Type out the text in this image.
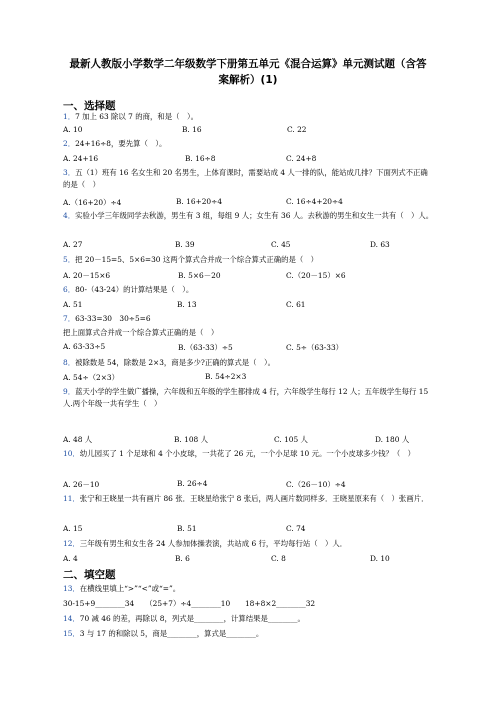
最新人教版小学数学二年级数学下册第五单元《混合运算》单元测试题（含答
案解析）(1)
一、选择题
1．7 加上 63 除以 7 的商，和是（　）。
A. 10	B. 16	C. 22
2．24+16÷8，要先算（　）。
A. 24+16	B. 16÷8	C. 24+8
3．五（1）班有 16 名女生和 20 名男生，上体育课时，需要站成 4 人一排的队，能站成几排？下面列式不正确的是（　）
A.（16+20）÷4	B. 16+20÷4	C. 16÷4+20÷4
4．实验小学三年级同学去秋游，男生有 3 组，每组 9 人；女生有 36 人。去秋游的男生和女生一共有（　）人。
A. 27	B. 39	C. 45	D. 63
5．把 20－15=5、5×6=30 这两个算式合并成一个综合算式正确的是（　）
A. 20－15×6	B. 5×6－20	C.（20－15）×6
6．80-（43-24）的计算结果是（　）。
A. 51	B. 13	C. 61
7．63-33=30　30÷5=6
把上面算式合并成一个综合算式正确的是（　）
A. 63-33÷5	B.（63-33）÷5	C. 5÷（63-33）
8．被除数是 54，除数是 2×3，商是多少?正确的算式是（　）。
A. 54÷（2×3）	B. 54÷2×3
9．蓝天小学的学生做广播操，六年级和五年级的学生都排成 4 行，六年级学生每行 12 人；五年级学生每行 15 人.两个年级一共有学生（　）
A. 48 人	B. 108 人	C. 105 人	D. 180 人
10．幼儿园买了 1 个足球和 4 个小皮球，一共花了 26 元，一个小足球 10 元。一个小皮球多少钱？（　）
A. 26－10	B. 26÷4	C.（26－10）÷4
11．张宁和王晓星一共有画片 86 张．王晓星给张宁 8 张后，两人画片数同样多．王晓星原来有（　）张画片．
A. 15	B. 51	C. 74
12．三年级有男生和女生各 24 人参加体操表演，共站成 6 行，平均每行站（　）人．
A. 4	B. 6	C. 8	D. 10
二、填空题
13．在横线里填上“>”“<”或“=”。
30-15+9________34　　（25+7）÷4________10　　18+8×2________32
14．70 减 46 的差，再除以 8，列式是________，计算结果是________。
15．3 与 17 的和除以 5，商是________，算式是________。
